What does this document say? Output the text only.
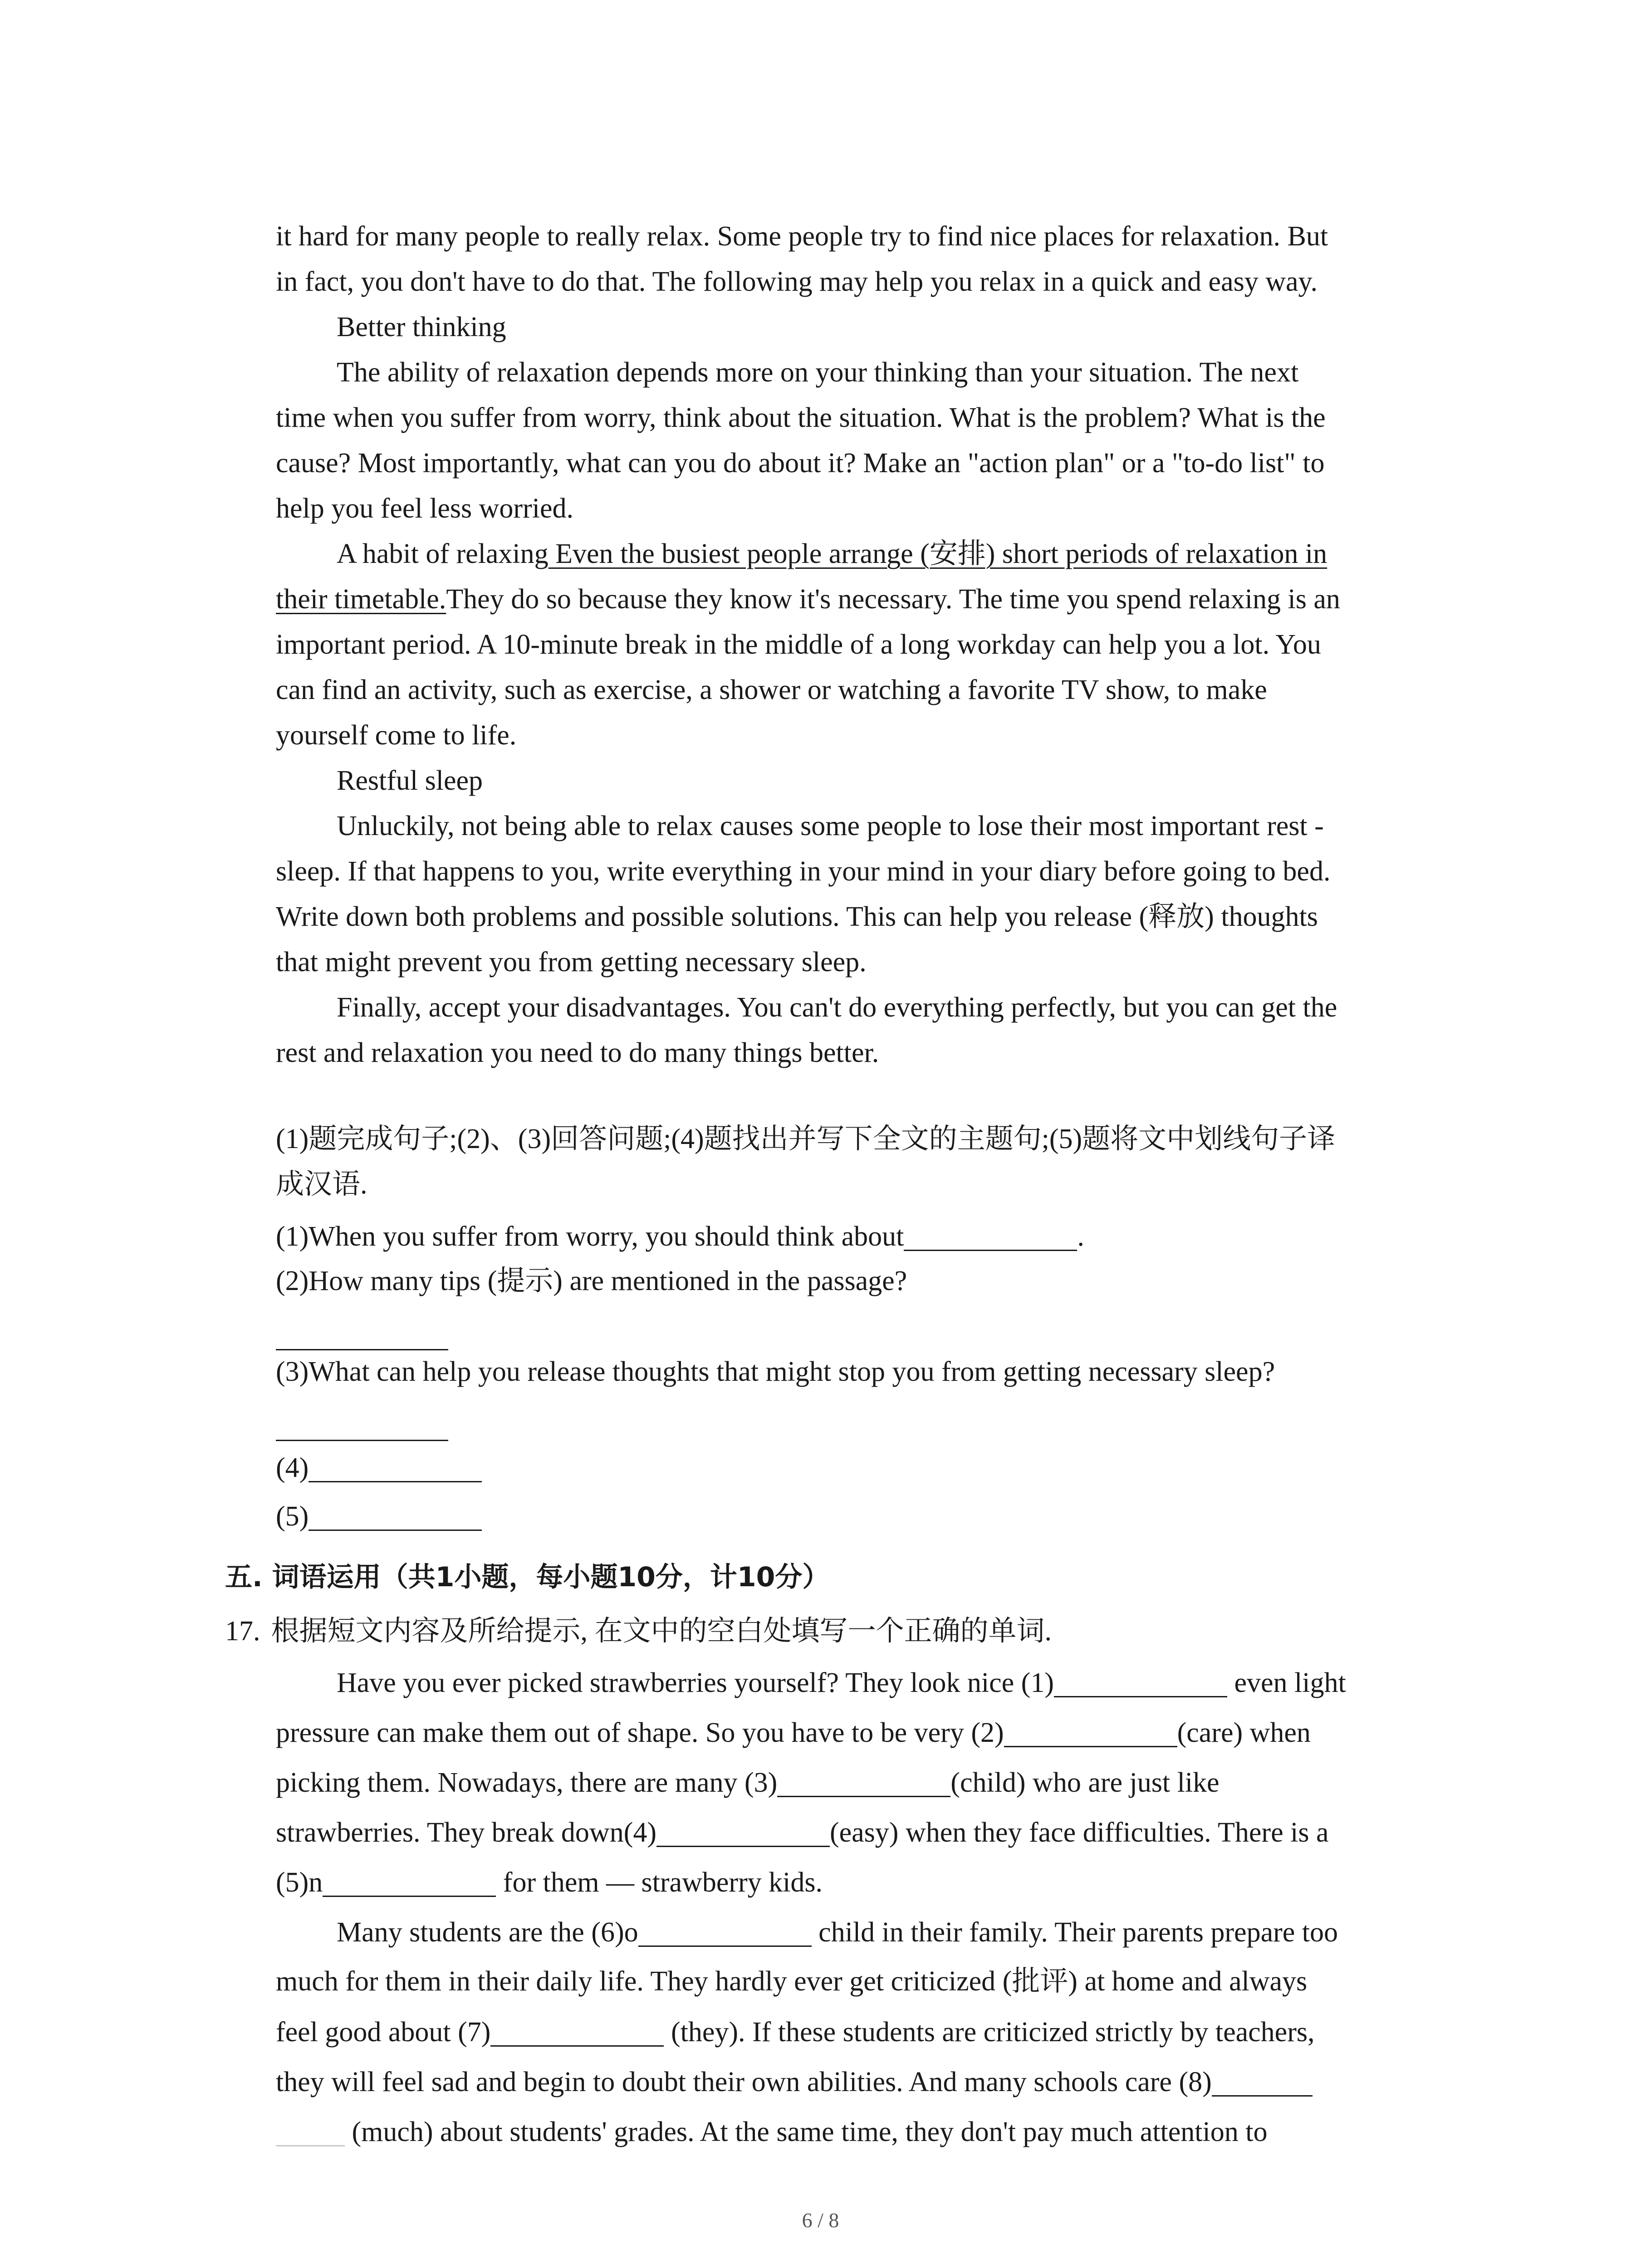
it hard for many people to really relax. Some people try to find nice places for relaxation. But
in fact, you don't have to do that. The following may help you relax in a quick and easy way.
Better thinking
The ability of relaxation depends more on your thinking than your situation. The next
time when you suffer from worry, think about the situation. What is the problem? What is the
cause? Most importantly, what can you do about it? Make an "action plan" or a "to-do list" to
help you feel less worried.
A habit of relaxing Even the busiest people arrange (安排) short periods of relaxation in
their timetable.They do so because they know it's necessary. The time you spend relaxing is an
important period. A 10-minute break in the middle of a long workday can help you a lot. You
can find an activity, such as exercise, a shower or watching a favorite TV show, to make
yourself come to life.
Restful sleep
Unluckily, not being able to relax causes some people to lose their most important rest -
sleep. If that happens to you, write everything in your mind in your diary before going to bed.
Write down both problems and possible solutions. This can help you release (释放) thoughts
that might prevent you from getting necessary sleep.
Finally, accept your disadvantages. You can't do everything perfectly, but you can get the
rest and relaxation you need to do many things better.
(1)题完成句子;(2)、(3)回答问题;(4)题找出并写下全文的主题句;(5)题将文中划线句子译
成汉语.
(1)When you suffer from worry, you should think about	.
(2)How many tips (提示) are mentioned in the passage?
(3)What can help you release thoughts that might stop you from getting necessary sleep?
(4)
(5)
五. 词语运用（共1小题，每小题10分，计10分）
17. 根据短文内容及所给提示, 在文中的空白处填写一个正确的单词.
Have you ever picked strawberries yourself? They look nice (1)	even light
pressure can make them out of shape. So you have to be very (2)	(care) when
picking them. Nowadays, there are many (3)	(child) who are just like
strawberries. They break down(4)	(easy) when they face difficulties. There is a
(5)n	for them — strawberry kids.
Many students are the (6)o	child in their family. Their parents prepare too
much for them in their daily life. They hardly ever get criticized (批评) at home and always
feel good about (7)	(they). If these students are criticized strictly by teachers,
they will feel sad and begin to doubt their own abilities. And many schools care (8)
(much) about students' grades. At the same time, they don't pay much attention to
6 / 8
